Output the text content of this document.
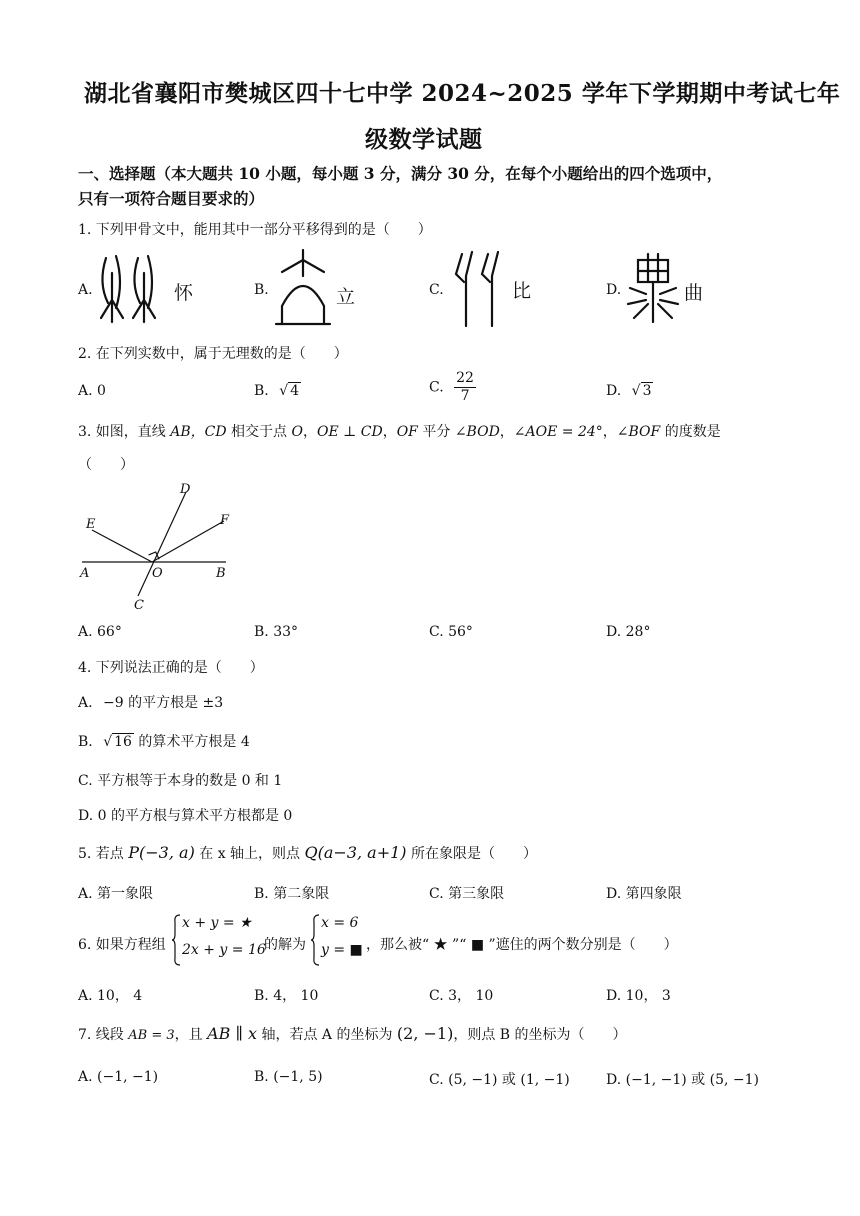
湖北省襄阳市樊城区四十七中学 2024~2025 学年下学期期中考试七年
级数学试题
一、选择题（本大题共 10 小题，每小题 3 分，满分 30 分，在每个小题给出的四个选项中，
只有一项符合题目要求的）
1. 下列甲骨文中，能用其中一部分平移得到的是（　　）
A.	怀	B.	立	C.	比	D.	曲
2. 在下列实数中，属于无理数的是（　　）
A. 0	B. √ 4	C. $\frac{22}{7}$	D. √ 3
3. 如图，直线 AB，CD 相交于点 O，OE ⊥ CD，OF 平分 ∠BOD，∠AOE = 24°，∠BOF 的度数是
（　　）
A	B
C
D
E	F
O
A. 66°	B. 33°	C. 56°	D. 28°
4. 下列说法正确的是（　　）
A. −9 的平方根是 ±3
B. √ 16 的算术平方根是 4
C. 平方根等于本身的数是 0 和 1
D. 0 的平方根与算术平方根都是 0
5. 若点 P(−3, a) 在 x 轴上，则点 Q(a−3, a+1) 所在象限是（　　）
A. 第一象限	B. 第二象限	C. 第三象限	D. 第四象限
6. 如果方程组
x + y = ★
2x + y = 16
的解为
x = 6
y = ■ ，那么被“ ★ ”“ ■ ”遮住的两个数分别是（　　）
A. 10， 4	B. 4， 10	C. 3， 10	D. 10， 3
7. 线段 AB = 3，且 AB ∥ x 轴，若点 A 的坐标为 (2, −1)，则点 B 的坐标为（　　）
A. (−1, −1)	B. (−1, 5)	C. (5, −1) 或 (1, −1)	D. (−1, −1) 或 (5, −1)
